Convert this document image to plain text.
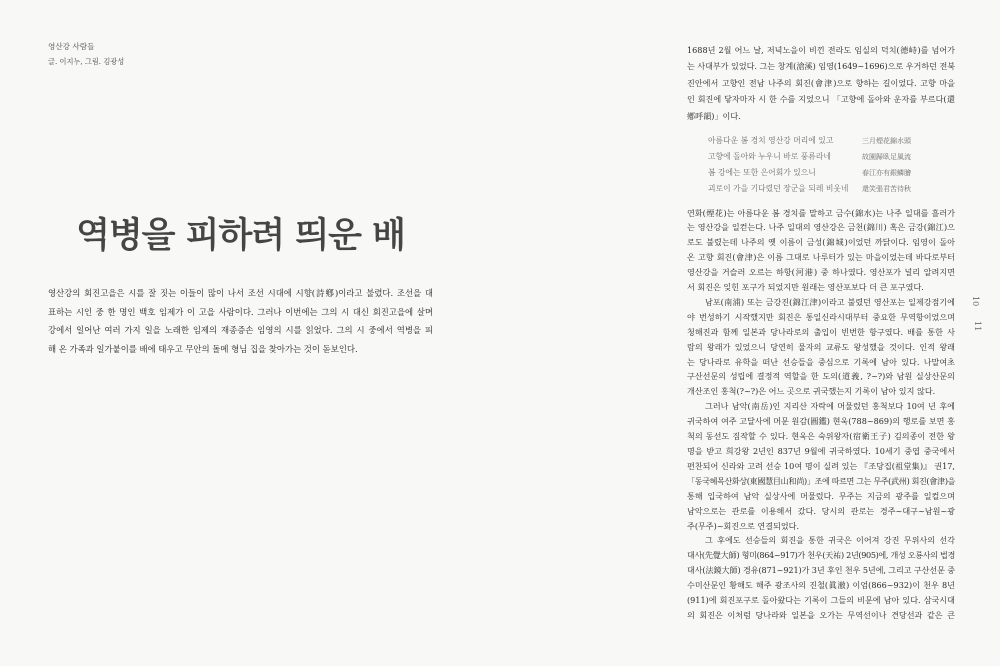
영산강 사람들
글. 이지누, 그림. 김광성
역병을 피하려 띄운 배
영산강의 회진고을은 시를 잘 짓는 이들이 많이 나서 조선 시대에 시향(詩鄕)이라고 불렸다. 조선을 대
표하는 시인 중 한 명인 백호 임제가 이 고을 사람이다. 그러나 이번에는 그의 시 대신 회진고을에 살며
강에서 일어난 여러 가지 일을 노래한 임제의 재종증손 임영의 시를 읽었다. 그의 시 중에서 역병을 피
해 온 가족과 일가붙이를 배에 태우고 무안의 돌메 형님 집을 찾아가는 것이 돋보인다.
1688년 2월 어느 날, 저녁노을이 비낀 전라도 임실의 덕치(德峙)를 넘어가
는 사대부가 있었다. 그는 창계(滄溪) 임영(1649~1696)으로 우거하던 전북
진안에서 고향인 전남 나주의 회진(會津)으로 향하는 길이었다. 고향 마을
인 회진에 닿자마자 시 한 수를 지었으니 「고향에 돌아와 운자를 부르다(還
鄕呼韻)」이다.
아름다운 봄 경치 영산강 머리에 있고	三月煙花錦水頭
고향에 돌아와 누우니 바로 풍류라네	故園歸臥足風流
봄 강에는 또한 은어회가 있으니	春江亦有銀鱗膾
괴로이 가을 기다렸던 장군을 되레 비웃네	還笑張君苦待秋
연화(煙花)는 아름다운 봄 경치를 말하고 금수(錦水)는 나주 일대를 흘러가
는 영산강을 일컫는다. 나주 일대의 영산강은 금천(錦川) 혹은 금강(錦江)으
로도 불렸는데 나주의 옛 이름이 금성(錦城)이었던 까닭이다. 임영이 돌아
온 고향 회진(會津)은 이름 그대로 나루터가 있는 마을이었는데 바다로부터
영산강을 거슬러 오르는 하항(河港) 중 하나였다. 영산포가 널리 알려지면
서 회진은 잊힌 포구가 되었지만 원래는 영산포보다 더 큰 포구였다.
남포(南浦) 또는 금강진(錦江津)이라고 불렸던 영산포는 일제강점기에
야 번성하기 시작했지만 회진은 통일신라시대부터 중요한 무역항이었으며
청해진과 함께 일본과 당나라로의 출입이 빈번한 항구였다. 배를 통한 사
람의 왕래가 있었으니 당연히 물자의 교류도 왕성했을 것이다. 인적 왕래
는 당나라로 유학을 떠난 선승들을 중심으로 기록에 남아 있다. 나말여초
구산선문의 성립에 결정적 역할을 한 도의(道義, ?~?)와 남원 실상산문의
개산조인 홍척(?~?)은 어느 곳으로 귀국했는지 기록이 남아 있지 않다.
그러나 남악(南岳)인 지리산 자락에 머물렀던 홍척보다 10여 년 후에
귀국하여 여주 고달사에 머문 원감(圓鑑) 현욱(788~869)의 행로를 보면 홍
척의 동선도 짐작할 수 있다. 현욱은 숙위왕자(宿衛王子) 김의종이 전한 왕
명을 받고 희강왕 2년인 837년 9월에 귀국하였다. 10세기 중엽 중국에서
편찬되어 신라와 고려 선승 10여 명이 실려 있는 『조당집(祖堂集)』 권17,
「동국혜목산화상(東國慧目山和尚)」조에 따르면 그는 무주(武州) 회진(會津)을
통해 입국하여 남악 실상사에 머물렀다. 무주는 지금의 광주를 일컬으며
남악으로는 관로를 이용해서 갔다. 당시의 관로는 경주~대구~남원~광
주(무주)~회진으로 연결되었다.
그 후에도 선승들의 회진을 통한 귀국은 이어져 강진 무위사의 선각
대사(先覺大師) 형미(864~917)가 천우(天祐) 2년(905)에, 개성 오룡사의 법경
대사(法鏡大師) 경유(871~921)가 3년 후인 천우 5년에, 그리고 구산선문 중
수미산문인 황해도 해주 광조사의 진철(眞澈) 이엄(866~932)이 천우 8년
(911)에 회진포구로 돌아왔다는 기록이 그들의 비문에 남아 있다. 삼국시대
의 회진은 이처럼 당나라와 일본을 오가는 무역선이나 견당선과 같은 큰
10
11
